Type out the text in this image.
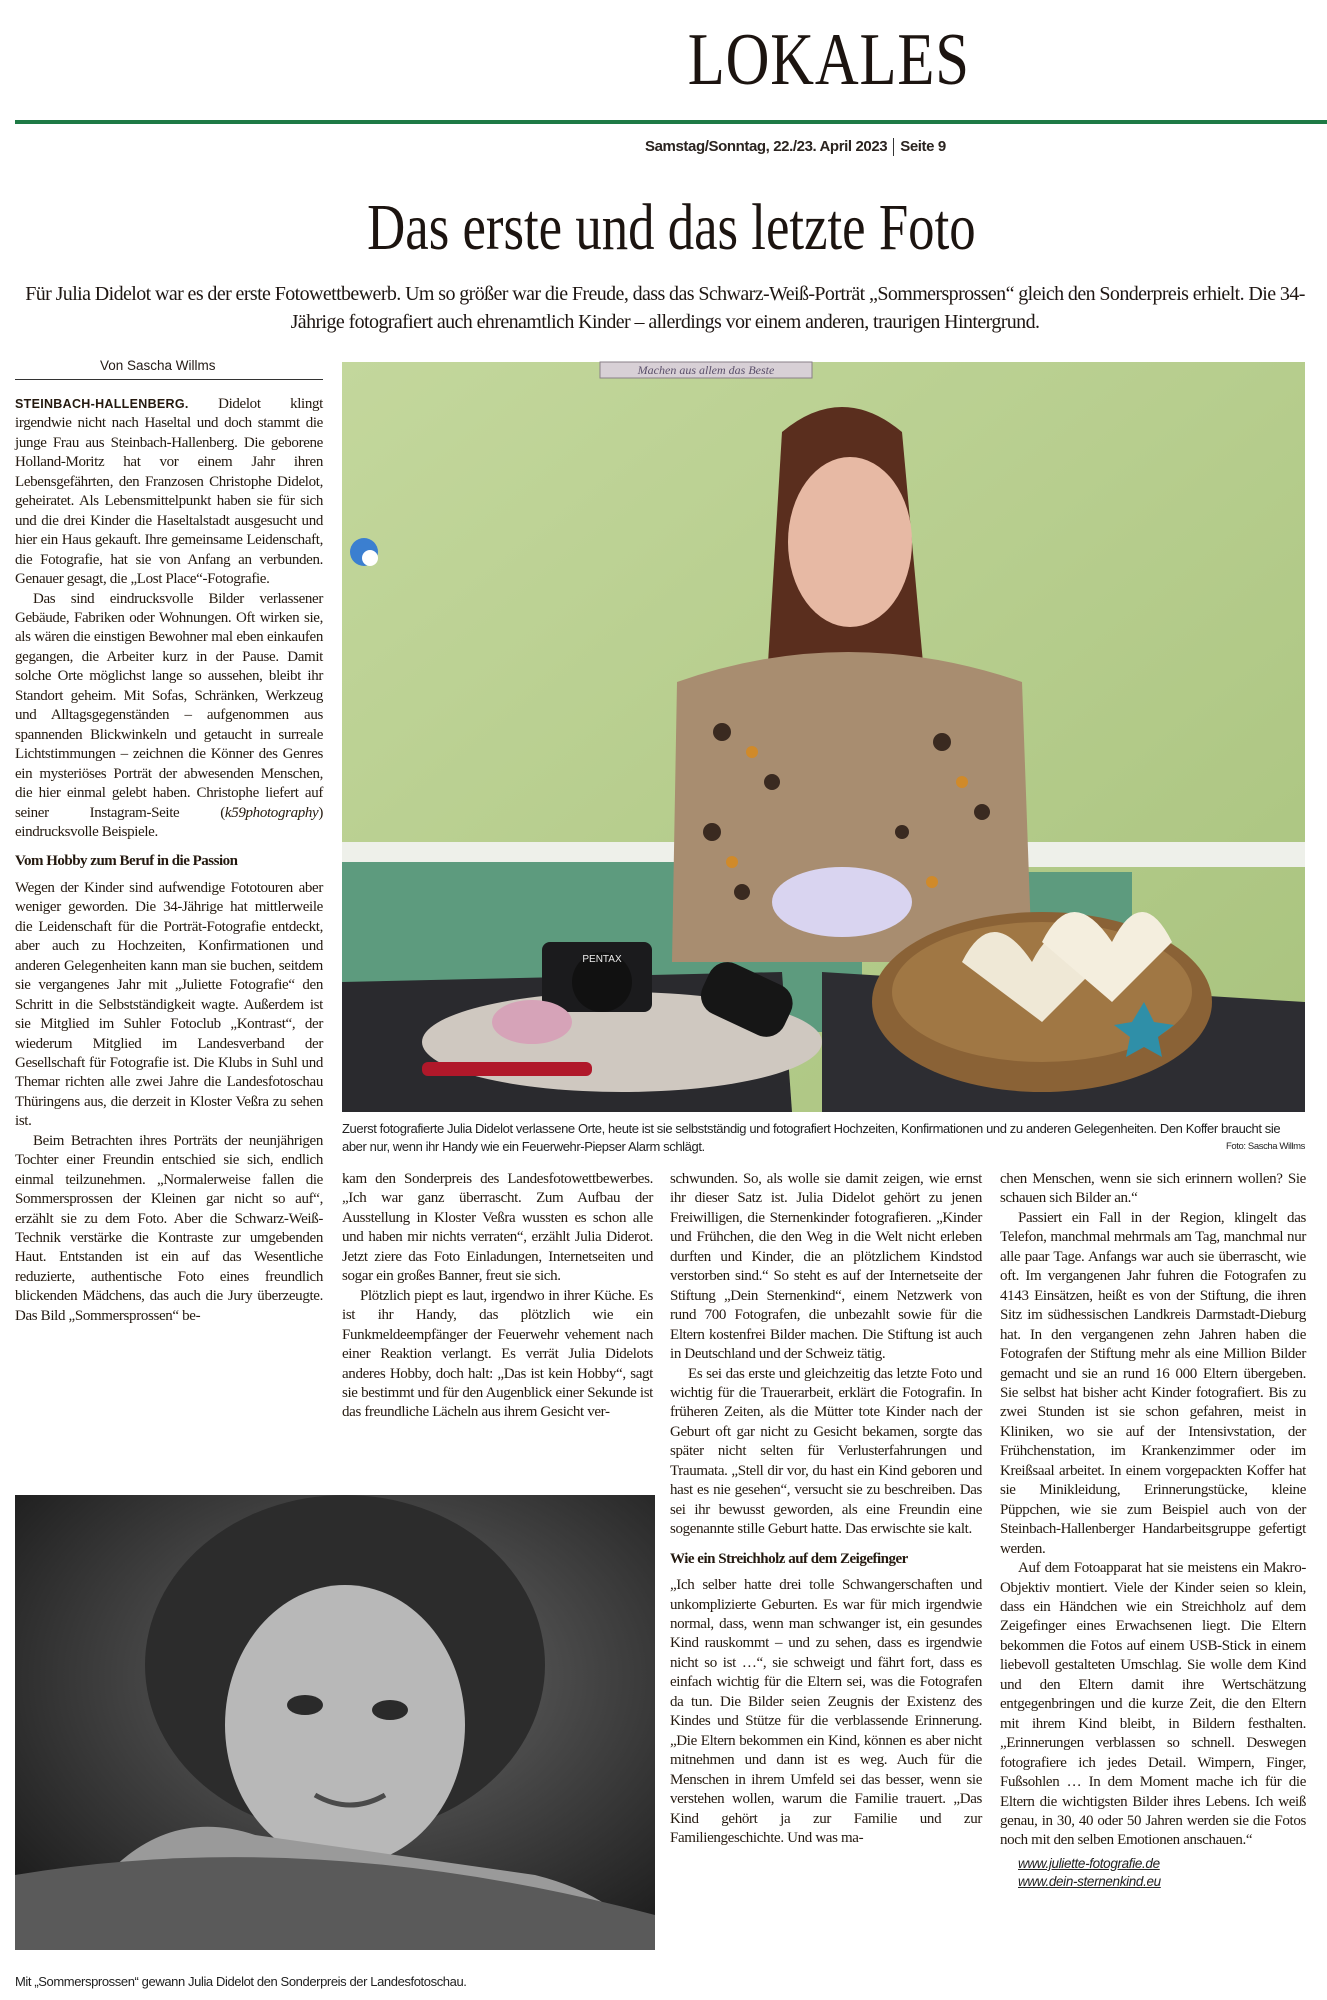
LOKALES
Samstag/Sonntag, 22./23. April 2023 Seite 9
Das erste und das letzte Foto
Für Julia Didelot war es der erste Fotowettbewerb. Um so größer war die Freude, dass das Schwarz-Weiß-Porträt „Sommersprossen“ gleich den Sonderpreis erhielt. Die 34-Jährige fotografiert auch ehrenamtlich Kinder – allerdings vor einem anderen, traurigen Hintergrund.
Von Sascha Willms

STEINBACH-HALLENBERG. Didelot klingt irgendwie nicht nach Haseltal und doch stammt die junge Frau aus Steinbach-Hallenberg. Die geborene Holland-Moritz hat vor einem Jahr ihren Lebensgefährten, den Franzosen Christophe Didelot, geheiratet. Als Lebensmittelpunkt haben sie für sich und die drei Kinder die Haseltalstadt ausgesucht und hier ein Haus gekauft. Ihre gemeinsame Leidenschaft, die Fotografie, hat sie von Anfang an verbunden. Genauer gesagt, die „Lost Place“-Fotografie.

Das sind eindrucksvolle Bilder verlassener Gebäude, Fabriken oder Wohnungen. Oft wirken sie, als wären die einstigen Bewohner mal eben einkaufen gegangen, die Arbeiter kurz in der Pause. Damit solche Orte möglichst lange so aussehen, bleibt ihr Standort geheim. Mit Sofas, Schränken, Werkzeug und Alltagsgegenständen – aufgenommen aus spannenden Blickwinkeln und getaucht in surreale Lichtstimmungen – zeichnen die Könner des Genres ein mysteriöses Porträt der abwesenden Menschen, die hier einmal gelebt haben. Christophe liefert auf seiner Instagram-Seite (k59photography) eindrucksvolle Beispiele.

Vom Hobby zum Beruf in die Passion

Wegen der Kinder sind aufwendige Fototouren aber weniger geworden. Die 34-Jährige hat mittlerweile die Leidenschaft für die Porträt-Fotografie entdeckt, aber auch zu Hochzeiten, Konfirmationen und anderen Gelegenheiten kann man sie buchen, seitdem sie vergangenes Jahr mit „Juliette Fotografie“ den Schritt in die Selbstständigkeit wagte. Außerdem ist sie Mitglied im Suhler Fotoclub „Kontrast“, der wiederum Mitglied im Landesverband der Gesellschaft für Fotografie ist. Die Klubs in Suhl und Themar richten alle zwei Jahre die Landesfotoschau Thüringens aus, die derzeit in Kloster Veßra zu sehen ist.

Beim Betrachten ihres Porträts der neunjährigen Tochter einer Freundin entschied sie sich, endlich einmal teilzunehmen. „Normalerweise fallen die Sommersprossen der Kleinen gar nicht so auf“, erzählt sie zu dem Foto. Aber die Schwarz-Weiß-Technik verstärke die Kontraste zur umgebenden Haut. Entstanden ist ein auf das Wesentliche reduzierte, authentische Foto eines freundlich blickenden Mädchens, das auch die Jury überzeugte. Das Bild „Sommersprossen“ be-

Machen aus allem das Beste
PENTAX
Zuerst fotografierte Julia Didelot verlassene Orte, heute ist sie selbstständig und fotografiert Hochzeiten, Konfirmationen und zu anderen Gelegenheiten. Den Koffer braucht sie aber nur, wenn ihr Handy wie ein Feuerwehr-Piepser Alarm schlägt.	Foto: Sascha Willms

kam den Sonderpreis des Landesfotowettbewerbes. „Ich war ganz überrascht. Zum Aufbau der Ausstellung in Kloster Veßra wussten es schon alle und haben mir nichts verraten“, erzählt Julia Diderot. Jetzt ziere das Foto Einladungen, Internetseiten und sogar ein großes Banner, freut sie sich.

Plötzlich piept es laut, irgendwo in ihrer Küche. Es ist ihr Handy, das plötzlich wie ein Funkmeldeempfänger der Feuerwehr vehement nach einer Reaktion verlangt. Es verrät Julia Didelots anderes Hobby, doch halt: „Das ist kein Hobby“, sagt sie bestimmt und für den Augenblick einer Sekunde ist das freundliche Lächeln aus ihrem Gesicht ver-

schwunden. So, als wolle sie damit zeigen, wie ernst ihr dieser Satz ist. Julia Didelot gehört zu jenen Freiwilligen, die Sternenkinder fotografieren. „Kinder und Frühchen, die den Weg in die Welt nicht erleben durften und Kinder, die an plötzlichem Kindstod verstorben sind.“ So steht es auf der Internetseite der Stiftung „Dein Sternenkind“, einem Netzwerk von rund 700 Fotografen, die unbezahlt sowie für die Eltern kostenfrei Bilder machen. Die Stiftung ist auch in Deutschland und der Schweiz tätig.

Es sei das erste und gleichzeitig das letzte Foto und wichtig für die Trauerarbeit, erklärt die Fotografin. In früheren Zeiten, als die Mütter tote Kinder nach der Geburt oft gar nicht zu Gesicht bekamen, sorgte das später nicht selten für Verlusterfahrungen und Traumata. „Stell dir vor, du hast ein Kind geboren und hast es nie gesehen“, versucht sie zu beschreiben. Das sei ihr bewusst geworden, als eine Freundin eine sogenannte stille Geburt hatte. Das erwischte sie kalt.

Wie ein Streichholz auf dem Zeigefinger

„Ich selber hatte drei tolle Schwangerschaften und unkomplizierte Geburten. Es war für mich irgendwie normal, dass, wenn man schwanger ist, ein gesundes Kind rauskommt – und zu sehen, dass es irgendwie nicht so ist …“, sie schweigt und fährt fort, dass es einfach wichtig für die Eltern sei, was die Fotografen da tun. Die Bilder seien Zeugnis der Existenz des Kindes und Stütze für die verblassende Erinnerung. „Die Eltern bekommen ein Kind, können es aber nicht mitnehmen und dann ist es weg. Auch für die Menschen in ihrem Umfeld sei das besser, wenn sie verstehen wollen, warum die Familie trauert. „Das Kind gehört ja zur Familie und zur Familiengeschichte. Und was ma-

chen Menschen, wenn sie sich erinnern wollen? Sie schauen sich Bilder an.“

Passiert ein Fall in der Region, klingelt das Telefon, manchmal mehrmals am Tag, manchmal nur alle paar Tage. Anfangs war auch sie überrascht, wie oft. Im vergangenen Jahr fuhren die Fotografen zu 4143 Einsätzen, heißt es von der Stiftung, die ihren Sitz im südhessischen Landkreis Darmstadt-Dieburg hat. In den vergangenen zehn Jahren haben die Fotografen der Stiftung mehr als eine Million Bilder gemacht und sie an rund 16 000 Eltern übergeben. Sie selbst hat bisher acht Kinder fotografiert. Bis zu zwei Stunden ist sie schon gefahren, meist in Kliniken, wo sie auf der Intensivstation, der Frühchenstation, im Krankenzimmer oder im Kreißsaal arbeitet. In einem vorgepackten Koffer hat sie Minikleidung, Erinnerungstücke, kleine Püppchen, wie sie zum Beispiel auch von der Steinbach-Hallenberger Handarbeitsgruppe gefertigt werden.

Auf dem Fotoapparat hat sie meistens ein Makro-Objektiv montiert. Viele der Kinder seien so klein, dass ein Händchen wie ein Streichholz auf dem Zeigefinger eines Erwachsenen liegt. Die Eltern bekommen die Fotos auf einem USB-Stick in einem liebevoll gestalteten Umschlag. Sie wolle dem Kind und den Eltern damit ihre Wertschätzung entgegenbringen und die kurze Zeit, die den Eltern mit ihrem Kind bleibt, in Bildern festhalten. „Erinnerungen verblassen so schnell. Deswegen fotografiere ich jedes Detail. Wimpern, Finger, Fußsohlen … In dem Moment mache ich für die Eltern die wichtigsten Bilder ihres Lebens. Ich weiß genau, in 30, 40 oder 50 Jahren werden sie die Fotos noch mit den selben Emotionen anschauen.“

www.juliette-fotografie.de
www.dein-sternenkind.eu
Mit „Sommersprossen“ gewann Julia Didelot den Sonderpreis der Landesfotoschau.
